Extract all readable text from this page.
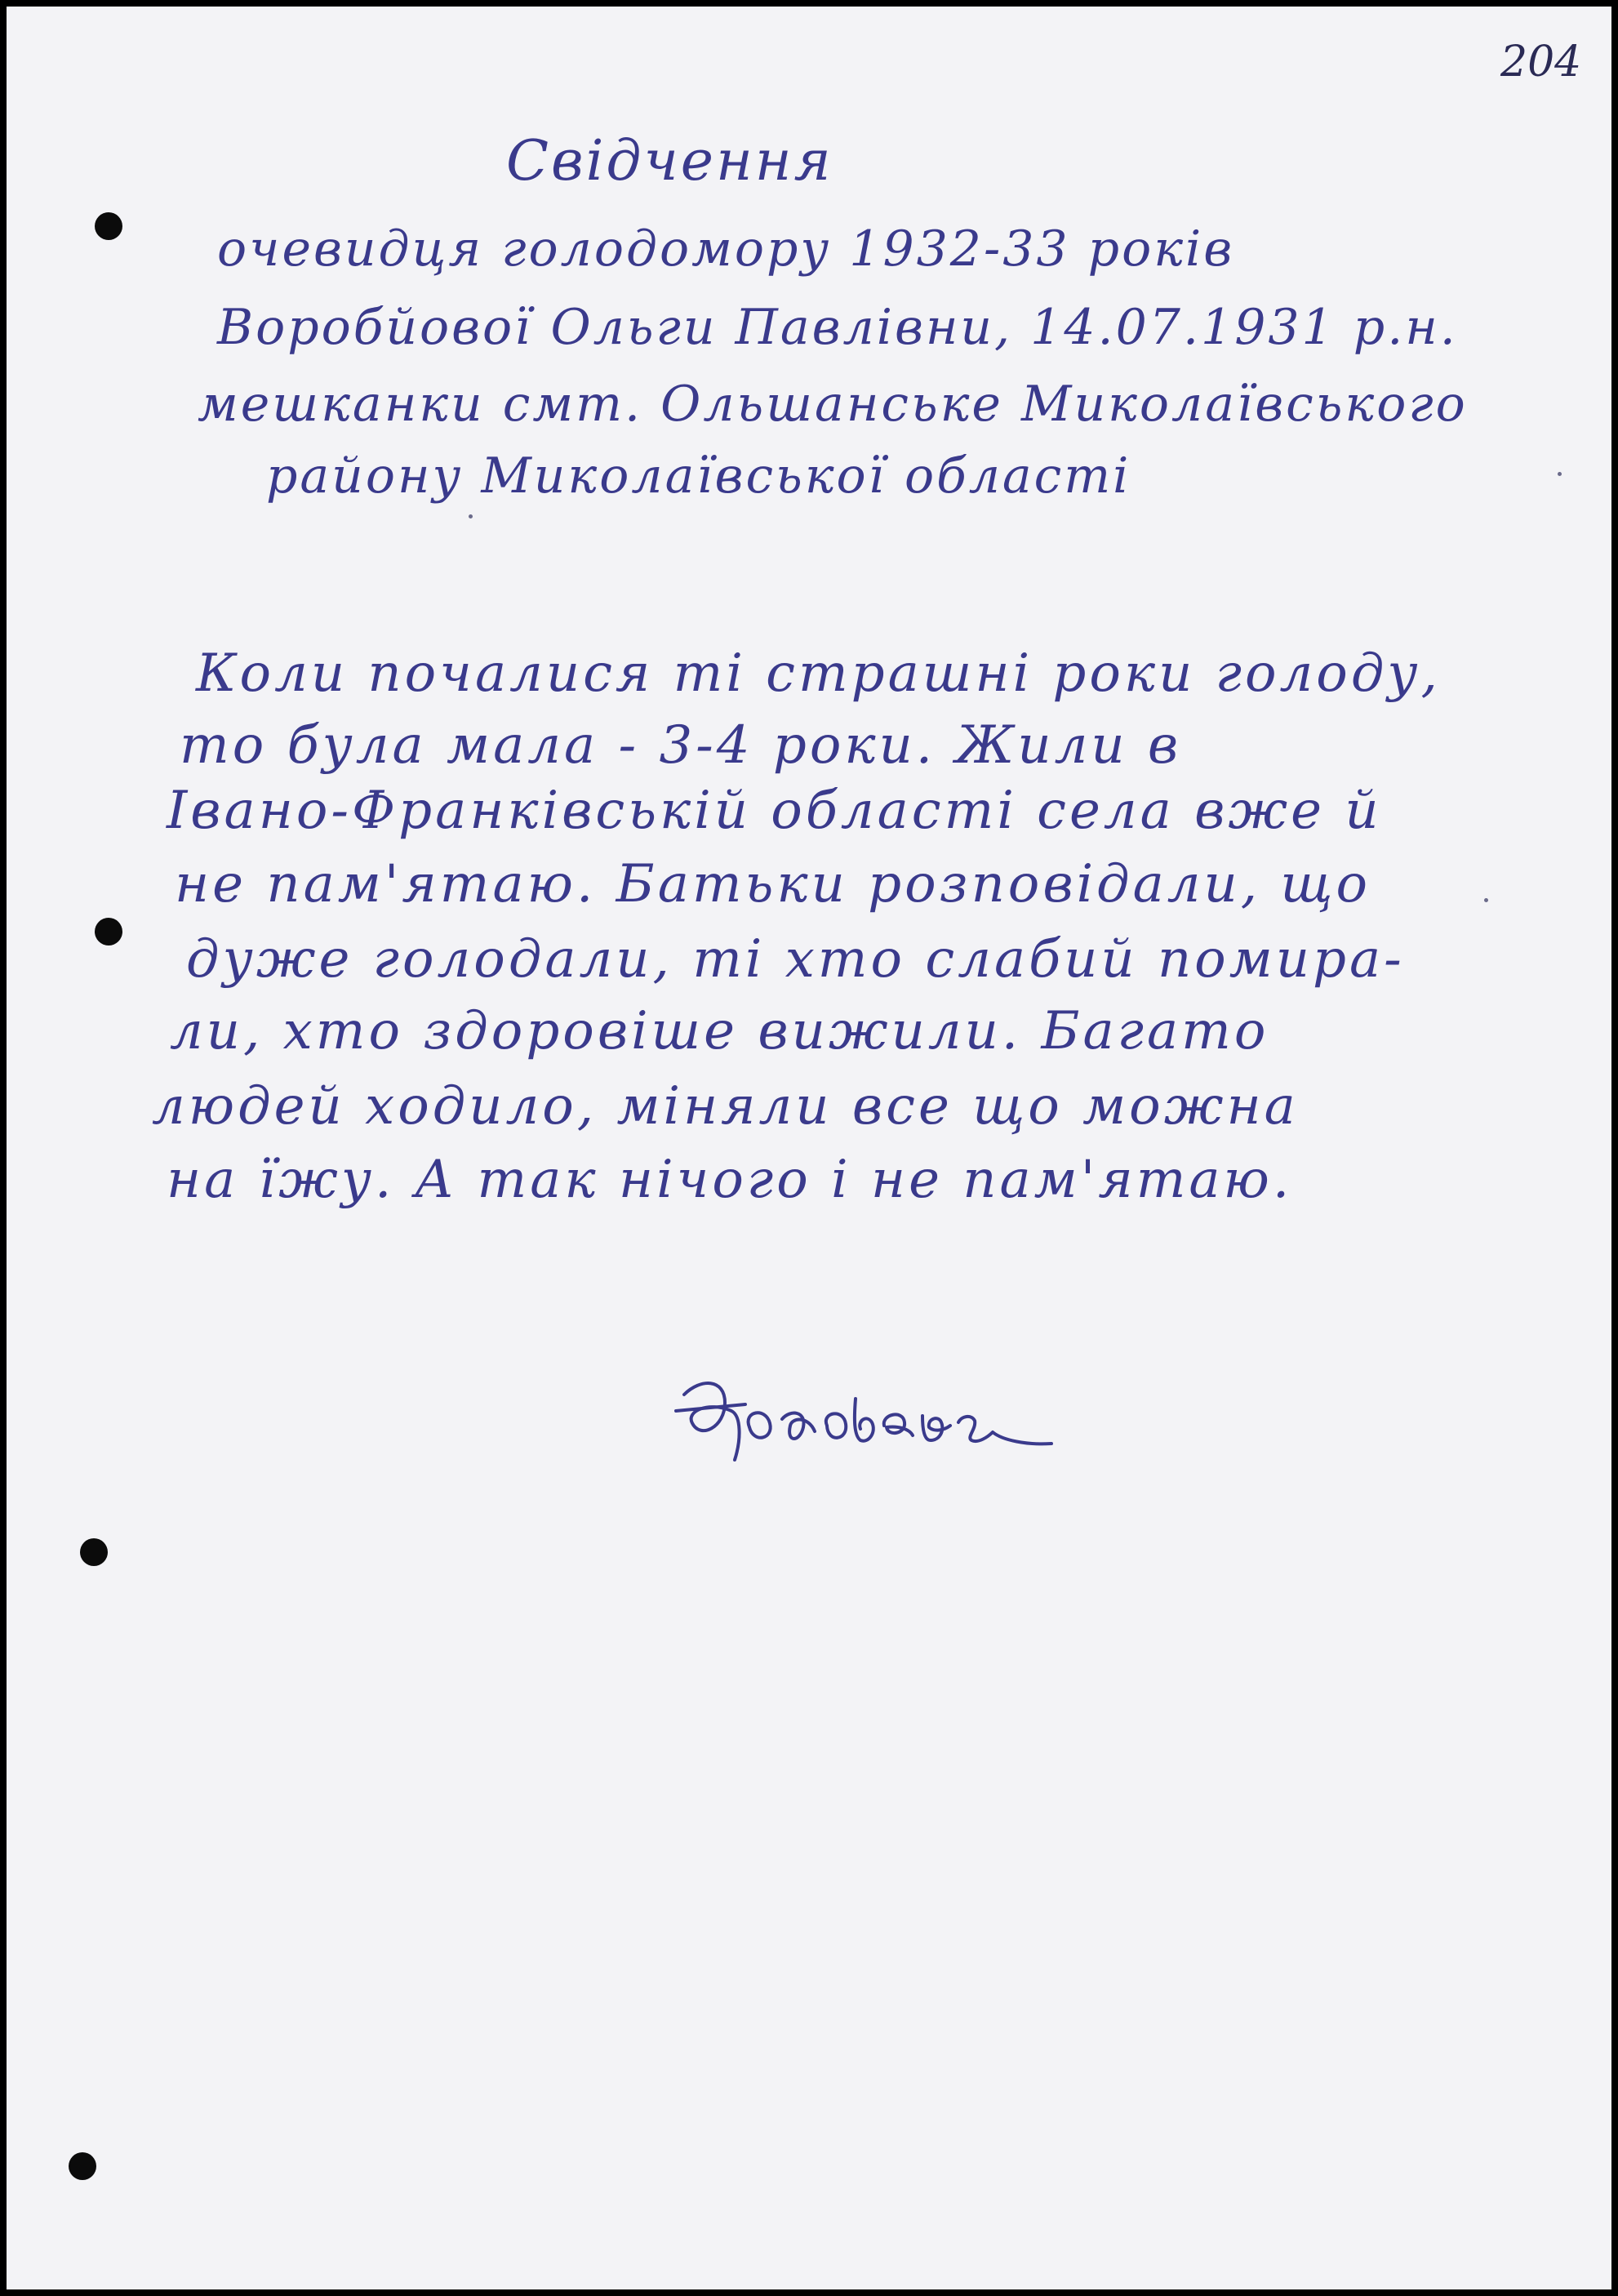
204
Свідчення
очевидця голодомору 1932-33 років
Воробйової Ольги Павлівни, 14.07.1931 р.н.
мешканки смт. Ольшанське Миколаївського
району Миколаївської області
Коли почалися ті страшні роки голоду,
то була мала - 3-4 роки. Жили в
Івано-Франківській області села вже й
не пам'ятаю. Батьки розповідали, що
дуже голодали, ті хто слабий помира-
ли, хто здоровіше вижили. Багато
людей ходило, міняли все що можна
на їжу. А так нічого і не пам'ятаю.
